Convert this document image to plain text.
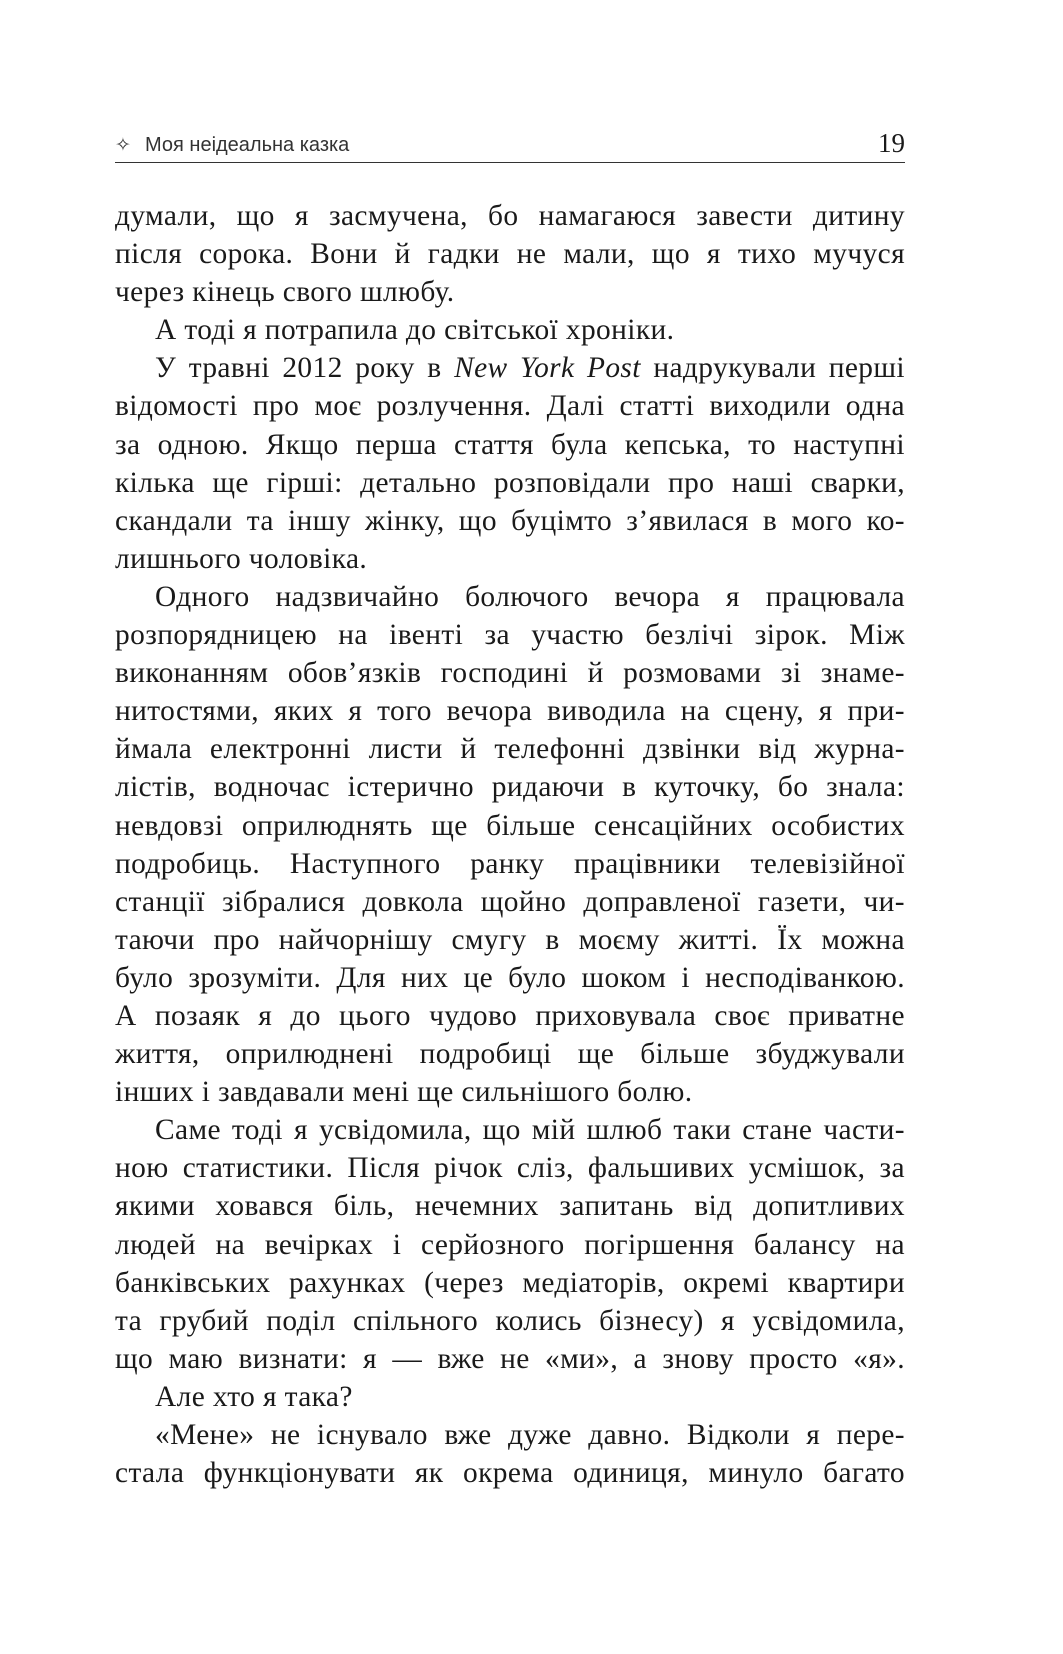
✧ Моя неідеальна казка	19
думали, що я засмучена, бо намагаюся завести дитину
після сорока. Вони й гадки не мали, що я тихо мучуся
через кінець свого шлюбу.
А тоді я потрапила до світської хроніки.
У травні 2012 року в New York Post надрукували перші
відомості про моє розлучення. Далі статті виходили одна
за одною. Якщо перша стаття була кепська, то наступні
кілька ще гірші: детально розповідали про наші сварки,
скандали та іншу жінку, що буцімто з’явилася в мого ко-
лишнього чоловіка.
Одного надзвичайно болючого вечора я працювала
розпорядницею на івенті за участю безлічі зірок. Між
виконанням обов’язків господині й розмовами зі знаме-
нитостями, яких я того вечора виводила на сцену, я при-
ймала електронні листи й телефонні дзвінки від журна-
лістів, водночас істерично ридаючи в куточку, бо знала:
невдовзі оприлюднять ще більше сенсаційних особистих
подробиць. Наступного ранку працівники телевізійної
станції зібралися довкола щойно доправленої газети, чи-
таючи про найчорнішу смугу в моєму житті. Їх можна
було зрозуміти. Для них це було шоком і несподіванкою.
А позаяк я до цього чудово приховувала своє приватне
життя, оприлюднені подробиці ще більше збуджували
інших і завдавали мені ще сильнішого болю.
Саме тоді я усвідомила, що мій шлюб таки стане части-
ною статистики. Після річок сліз, фальшивих усмішок, за
якими ховався біль, нечемних запитань від допитливих
людей на вечірках і серйозного погіршення балансу на
банківських рахунках (через медіаторів, окремі квартири
та грубий поділ спільного колись бізнесу) я усвідомила,
що маю визнати: я — вже не «ми», а знову просто «я».
Але хто я така?
«Мене» не існувало вже дуже давно. Відколи я пере-
стала функціонувати як окрема одиниця, минуло багато
